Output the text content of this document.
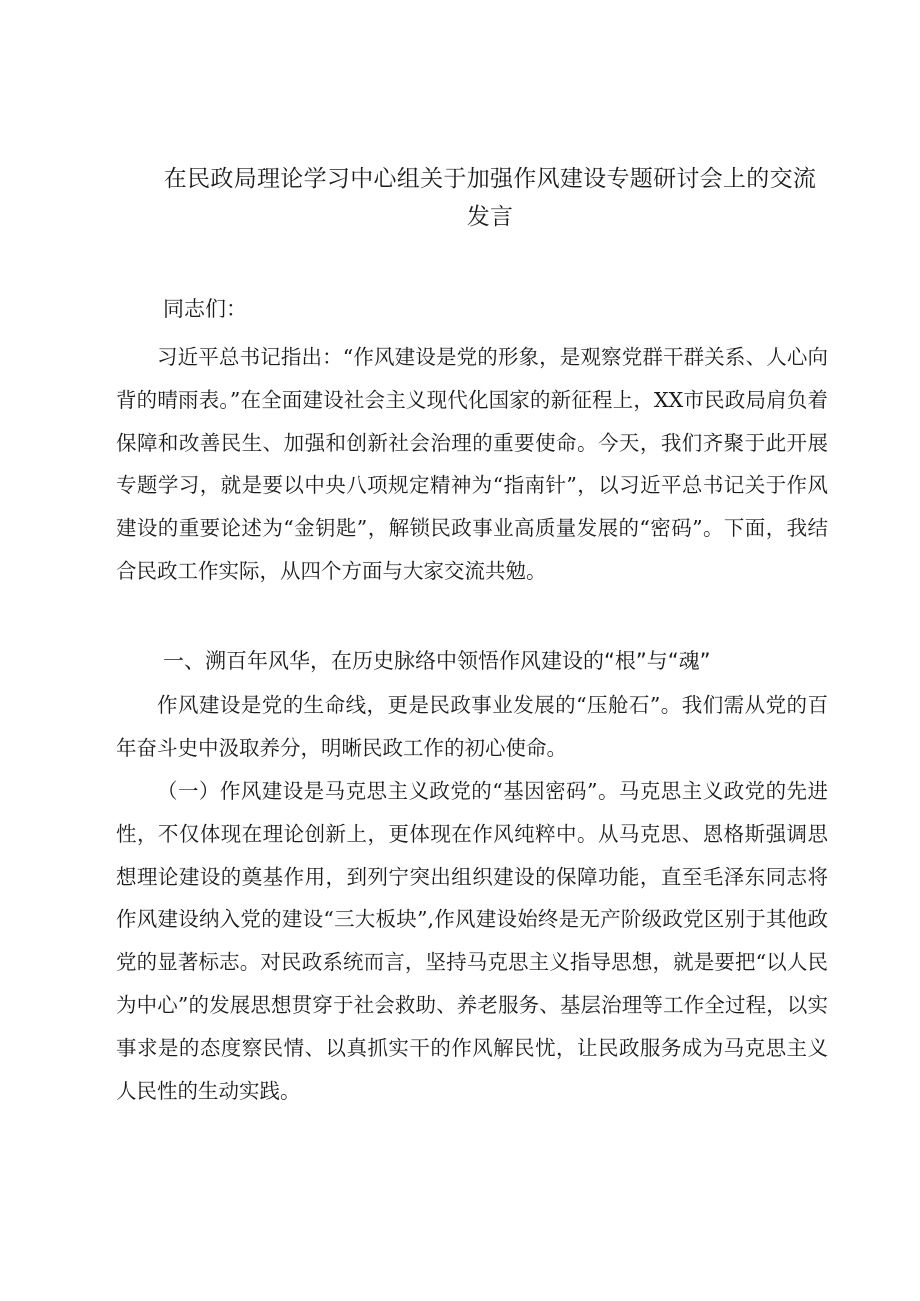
在民政局理论学习中心组关于加强作风建设专题研讨会上的交流
发言
同志们：

习近平总书记指出：“作风建设是党的形象，是观察党群干群关系、人心向背的晴雨表。”在全面建设社会主义现代化国家的新征程上，XX市民政局肩负着保障和改善民生、加强和创新社会治理的重要使命。今天，我们齐聚于此开展专题学习，就是要以中央八项规定精神为“指南针”，以习近平总书记关于作风建设的重要论述为“金钥匙”，解锁民政事业高质量发展的“密码”。下面，我结合民政工作实际，从四个方面与大家交流共勉。

一、溯百年风华，在历史脉络中领悟作风建设的“根”与“魂”

作风建设是党的生命线，更是民政事业发展的“压舱石”。我们需从党的百年奋斗史中汲取养分，明晰民政工作的初心使命。

（一）作风建设是马克思主义政党的“基因密码”。马克思主义政党的先进性，不仅体现在理论创新上，更体现在作风纯粹中。从马克思、恩格斯强调思想理论建设的奠基作用，到列宁突出组织建设的保障功能，直至毛泽东同志将作风建设纳入党的建设“三大板块”,作风建设始终是无产阶级政党区别于其他政党的显著标志。对民政系统而言，坚持马克思主义指导思想，就是要把“以人民为中心”的发展思想贯穿于社会救助、养老服务、基层治理等工作全过程，以实事求是的态度察民情、以真抓实干的作风解民忧，让民政服务成为马克思主义人民性的生动实践。
